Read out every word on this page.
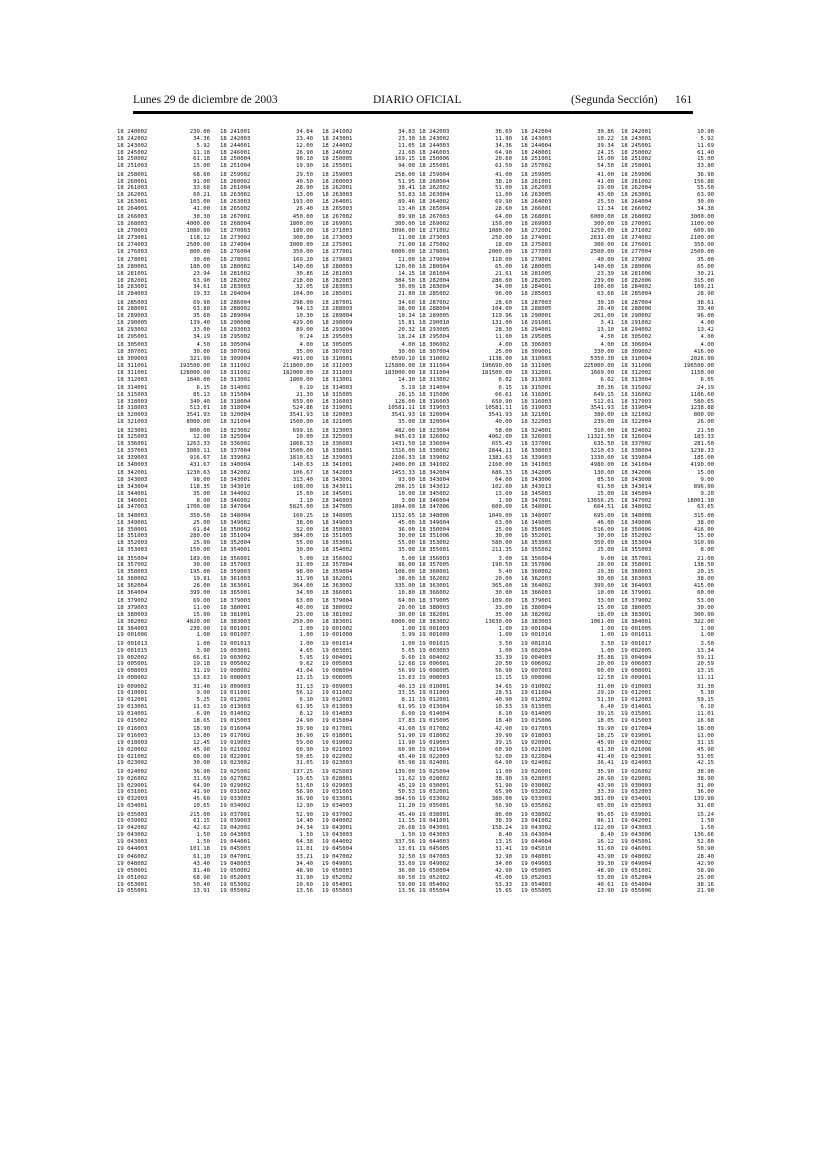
Lunes 29 de diciembre de 2003	DIARIO OFICIAL	(Segunda Sección) 161
18 240002	239.00
18 242002	34.36
18 243002	5.92
18 245002	11.18
18 250002	61.18
18 251003	15.00
18 258001	68.60
18 260001	91.00
18 261003	33.68
18 262001	60.21
18 263001	103.00
18 264001	41.00
18 266003	30.30
18 268003	4000.00
18 270003	1080.00
18 273001	118.12
18 274003	2500.00
18 276003	800.00
18 278001	30.00
18 280001	180.00
18 281001	23.94
18 282001	63.90
18 283001	34.61
18 284003	19.33
18 285003	69.90
18 288001	63.80
18 289003	35.60
18 290005	139.40
18 293002	33.00
18 295001	34.19
18 305003	4.50
18 307001	30.00
18 309003	321.00
18 311001	193500.00
18 311001	128000.00
18 312003	1840.00
18 314001	6.15
18 315003	85.13
18 318003	340.40
18 318003	513.01
18 320003	3541.93
18 321003	8000.00
18 323001	800.00
18 325003	12.00
18 336001	1263.33
18 337003	3089.11
18 339003	916.67
18 340003	431.67
18 342001	1230.63
18 343003	98.00
18 343004	118.35
18 344001	35.00
18 346001	8.00
18 347003	1700.00
18 348003	350.50
18 349001	25.00
18 350001	61.84
18 351003	280.00
18 352003	25.00
18 353003	150.00
18 355004	189.00
18 357002	30.00
18 358003	195.00
18 360002	19.81
18 362004	28.00
18 364004	399.00
18 379002	69.00
18 379003	11.00
18 380003	15.00
18 382002	4820.00
18 384003	230.00
19 001006	1.00
19 001013	1.00
19 001015	3.90
19 002002	66.61
19 005001	19.18
19 008003	31.19
19 008002	13.63
19 009002	31.40
19 010001	9.00
19 012001	5.25
19 013001	11.63
19 014001	6.90
19 015002	18.65
19 016003	18.90
19 016003	13.00
19 018003	12.45
19 020002	45.90
19 021002	60.00
19 023002	30.00
19 024002	36.90
19 026002	31.69
19 029001	64.90
19 031001	41.90
19 032003	45.60
19 034001	10.65
19 035003	215.00
19 039002	61.15
19 042002	42.62
19 043002	1.50
19 043003	1.50
19 044003	101.18
19 046002	61.10
19 048002	43.40
19 050001	81.40
19 051002	68.90
19 053001	50.40
19 055001	13.91
18 241001	34.84
18 242003	23.40
18 244001	12.00
18 246001	26.90
18 250004	90.10
18 251004	19.90
18 259002	29.50
18 260002	40.50
18 261004	28.90
18 263002	13.00
18 263003	193.00
18 265002	26.40
18 267001	450.00
18 268004	1800.00
18 270003	180.00
18 273002	300.00
18 274004	3000.00
18 276004	350.00
18 278002	169.20
18 280002	140.00
18 281002	30.86
18 282002	218.00
18 283003	32.05
18 284004	104.00
18 286004	298.00
18 288002	94.13
18 289004	10.30
18 290008	429.00
18 293003	89.00
18 295002	0.24
18 305004	4.00
18 307002	35.00
18 309004	491.00
18 311002	211800.00
18 311002	182000.00
18 313002	1800.00
18 314002	6.19
18 315004	21.30
18 318004	659.00
18 318004	524.86
18 320004	3541.93
18 321004	1500.00
18 323002	699.16
18 325004	10.00
18 336002	1868.33
18 337004	1500.00
18 339002	1810.63
18 340004	140.63
18 342002	106.67
18 343001	313.40
18 343010	108.00
18 344002	15.60
18 346002	1.10
18 347004	5825.00
18 348004	160.25
18 349002	38.00
18 350002	52.00
18 351004	384.00
18 352004	55.00
18 354001	30.00
18 356001	5.00
18 357003	31.00
18 359003	98.00
18 361003	31.90
18 363001	364.00
18 365001	34.00
18 379003	63.00
18 380001	40.00
18 381001	23.00
18 383003	250.00
19 001001	1.00
19 001007	1.00
19 001013	1.00
19 003001	4.65
19 003002	5.95
19 005002	9.62
19 008002	41.04
19 008003	13.15
19 009003	31.13
19 011001	56.12
19 012002	6.10
19 013003	61.95
19 014002	8.12
19 015003	24.90
19 016004	39.90
19 017002	36.90
19 019003	59.00
19 021002	60.90
19 022001	50.65
19 023002	31.65
19 025002	137.25
19 027002	19.65
19 029002	51.60
19 031002	56.90
19 033003	36.90
19 034002	12.90
19 037001	52.90
19 039003	14.40
19 042002	34.34
19 043003	1.50
19 044001	64.38
19 045003	11.01
19 047001	33.21
19 048003	34.40
19 050002	48.90
19 052003	31.90
19 053002	10.60
19 055002	13.56
18 241002	34.83
18 243001	23.30
18 244002	11.05
18 246002	21.60
18 250005	169.15
18 255001	94.00
18 259003	258.00
18 260003	51.95
18 262001	38.41
18 263003	53.83
18 264001	89.46
18 265003	13.40
18 267002	89.90
18 269001	300.00
18 271003	3096.00
18 273003	11.00
18 275001	71.00
18 277001	6000.00
18 279003	11.00
18 280003	120.00
18 281003	14.15
18 282003	384.50
18 283003	30.00
18 285001	21.80
18 287001	34.60
18 288003	98.00
18 289004	10.34
18 290009	15.81
18 293004	20.32
18 295003	18.24
18 305005	4.00
18 307003	30.00
18 310001	6590.10
18 311003	125800.00
18 311003	183000.00
18 313001	14.30
18 314003	5.19
18 315005	28.15
18 316003	128.00
18 319001	10581.11
18 320003	3541.93
18 321005	35.00
18 323003	482.00
18 325003	845.63
18 336003	1431.50
18 338001	1316.00
18 339003	2106.33
18 341001	2400.00
18 342003	1453.33
18 343001	93.00
18 343011	206.15
18 345001	10.00
18 346003	3.00
18 347005	1894.00
18 348005	1152.65
18 349003	45.00
18 350003	36.00
18 351005	30.00
18 353001	55.00
18 354002	35.00
18 356002	5.00
18 357004	86.00
18 359004	108.00
18 362001	38.00
18 363002	335.00
18 366001	10.80
18 379004	64.00
18 380002	20.00
18 381002	30.00
18 383001	6000.00
19 001002	1.00
19 001008	3.99
19 001014	1.00
19 003001	5.65
19 004001	9.60
19 005003	12.68
19 008004	56.99
19 008005	13.63
19 009003	40.13
19 011002	33.15
19 012003	8.11
19 013003	61.95
19 014003	6.00
19 015004	17.83
19 017001	41.60
19 018001	51.90
19 019002	11.90
19 021003	60.90
19 022002	45.40
19 023003	65.98
19 025003	139.00
19 028001	11.62
19 029003	45.19
19 031003	50.53
19 033001	384.50
19 034003	11.20
19 037002	45.40
19 040002	11.15
19 043001	26.68
19 043003	1.50
19 044002	337.56
19 045004	13.01
19 047002	32.50
19 049001	33.69
19 050003	36.00
19 052002	60.50
19 054001	59.00
19 055003	13.56
18 242003	36.69
18 243002	11.90
18 244003	34.36
18 246003	64.90
18 250006	20.60
18 255001	61.50
18 259004	41.00
18 260004	38.10
18 262002	51.00
18 263004	11.00
18 264002	69.90
18 265004	28.60
18 267003	64.00
18 269002	150.00
18 271002	1080.00
18 273003	250.00
18 275002	18.00
18 278001	2000.00
18 279004	110.00
18 280004	65.00
18 281004	21.61
18 282004	280.00
18 283004	34.00
18 285002	96.00
18 287002	28.60
18 288004	104.00
18 289005	119.96
18 290010	131.00
18 293005	28.30
18 295004	11.00
18 306002	4.00
18 307004	25.00
18 310002	1138.00
18 311004	196690.00
18 311004	181500.00
18 313002	6.02
18 314004	6.15
18 315006	66.61
18 316003	650.90
18 319003	10581.11
18 320004	3541.93
18 320004	40.00
18 323004	58.00
18 326002	4062.00
18 336004	655.43
18 338002	2844.11
18 339002	1381.63
18 341002	2160.00
18 342004	686.33
18 343004	64.00
18 343012	102.60
18 345002	13.60
18 346004	1.90
18 347006	600.00
18 348006	1049.00
18 349004	63.00
18 350004	25.00
18 351006	30.00
18 353002	580.00
18 355001	211.35
18 356003	3.00
18 357005	190.50
18 360001	5.40
18 362002	20.00
18 363001	365.00
18 366002	30.00
18 379005	109.00
18 380003	33.00
18 382001	35.00
18 383002	13630.00
19 001003	1.00
19 001009	1.00
19 001015	3.50
19 003003	1.00
19 004002	33.39
19 006001	20.50
19 008005	56.90
19 008003	13.15
19 010001	34.65
19 011003	28.51
19 012001	40.90
19 013004	10.53
19 014004	6.10
19 015005	18.40
19 017002	42.90
19 018002	39.90
19 019003	39.15
19 021004	60.90
19 022003	52.00
19 024001	64.90
19 025004	11.00
19 028002	38.90
19 030001	51.90
19 032001	65.90
19 033002	380.00
19 035001	56.90
19 038001	86.00
19 041001	38.39
19 043001	158.24
19 043003	8.40
19 044003	13.15
19 045005	31.41
19 047003	32.90
19 049002	34.00
19 050004	42.90
19 052002	45.00
19 054002	53.33
19 055004	15.65
18 242004	30.86
18 243003	10.22
18 244004	39.34
18 248001	24.15
18 251001	15.00
18 257002	54.50
18 259005	41.00
18 261001	41.00
18 262003	19.00
18 263005	43.00
18 264003	25.50
18 266001	11.34
18 268001	6000.00
18 269003	300.00
18 272001	1250.00
18 274001	2631.00
18 275003	300.00
18 277003	2500.00
18 279001	40.00
18 280005	140.00
18 281005	23.39
18 282005	239.00
18 284001	106.00
18 285003	63.68
18 287003	30.10
18 288005	26.40
18 290001	261.00
18 291001	3.41
18 294001	13.10
18 295005	4.50
18 306003	4.00
18 309001	330.00
18 310003	5350.30
18 311005	225000.00
18 312001	1669.00
18 313003	6.02
18 315001	30.36
18 316001	649.15
18 316003	512.01
18 319003	3541.93
18 321001	380.00
18 322003	239.00
18 324001	310.00
18 326003	11321.50
18 337001	635.50
18 338003	3210.63
18 339003	1330.00
18 341003	4980.00
18 342005	130.00
18 343006	85.50
18 343013	61.50
18 345003	15.00
18 347001	13656.25
18 348001	664.51
18 348007	695.00
18 349005	46.00
18 350005	516.00
18 352001	30.00
18 353003	350.00
18 355002	25.00
18 356004	9.00
18 357006	20.00
18 360002	29.38
18 362003	30.00
18 364002	399.00
18 366003	10.00
18 379001	33.00
18 380004	15.00
18 382002	18.00
18 383003	1061.00
19 001004	1.00
19 001010	1.00
19 001016	3.50
19 002004	1.00
19 004003	35.88
19 006002	20.00
19 007003	60.00
19 008006	12.50
19 010002	31.00
19 011004	29.10
19 012002	51.30
19 013005	6.40
19 014005	39.15
19 015006	18.05
19 017003	39.90
19 018003	18.25
19 020001	45.90
19 021005	61.30
19 022004	41.40
19 024002	36.41
19 026001	35.90
19 028003	28.90
19 030002	43.90
19 032002	33.39
19 033003	381.00
19 035002	65.00
19 038002	95.65
19 041002	86.11
19 043002	112.00
19 043004	8.40
19 044004	16.12
19 045010	31.60
19 048001	43.90
19 049003	39.30
19 050005	48.90
19 052003	53.00
19 054003	40.61
19 055005	13.90
18 242001	10.90
18 243001	5.92
18 245001	11.69
18 250002	61.40
18 251002	15.00
18 258001	33.80
18 259006	36.90
18 261002	156.88
18 262004	55.50
18 263001	63.90
18 264004	30.00
18 266002	34.38
18 268002	3000.00
18 270001	1100.00
18 271002	600.00
18 274002	2100.00
18 276001	350.00
18 277004	2500.00
18 279002	35.00
18 280006	65.00
18 281006	30.21
18 282006	315.00
18 284002	109.21
18 285004	28.90
18 287004	38.61
18 288006	39.40
18 290002	96.00
18 291002	4.00
18 294002	13.42
18 305002	4.00
18 306004	4.00
18 309002	416.00
18 310004	2026.00
18 311006	196500.00
18 312002	1150.00
18 313004	6.05
18 315002	24.19
18 316002	1186.60
18 317003	580.65
18 319004	1238.88
18 321002	800.00
18 322004	26.00
18 324002	21.50
18 326004	183.33
18 337002	281.50
18 338004	1238.33
18 339004	185.00
18 341004	4190.00
18 342006	15.00
18 343008	9.00
18 343014	896.00
18 345004	9.20
18 347002	18001.30
18 348002	63.65
18 348008	315.00
18 349006	38.00
18 350006	416.00
18 352002	15.00
18 353004	310.00
18 355003	8.00
18 357001	21.00
18 358001	138.50
18 360003	20.15
18 363003	38.00
18 364003	415.00
18 379001	60.00
18 379002	53.00
18 380005	30.00
18 383001	300.00
18 384001	322.00
19 001005	1.00
19 001011	1.00
19 001017	3.50
19 002005	13.34
19 004004	59.11
19 006003	20.59
19 008001	13.15
19 009001	11.11
19 010003	31.30
19 012001	5.30
19 012003	59.15
19 014001	6.10
19 015001	11.01
19 015003	16.68
19 017004	18.00
19 019001	11.00
19 020002	31.15
19 021006	45.90
19 023001	51.05
19 024003	42.15
19 026002	38.90
19 029001	38.90
19 030003	31.00
19 032003	36.00
19 034001	139.90
19 035003	31.60
19 039001	15.24
19 042001	1.50
19 043003	1.50
19 043006	136.66
19 045001	52.60
19 046001	50.90
19 048002	28.40
19 049004	42.90
19 051001	58.90
19 052004	25.00
19 054004	38.16
19 055006	21.90
